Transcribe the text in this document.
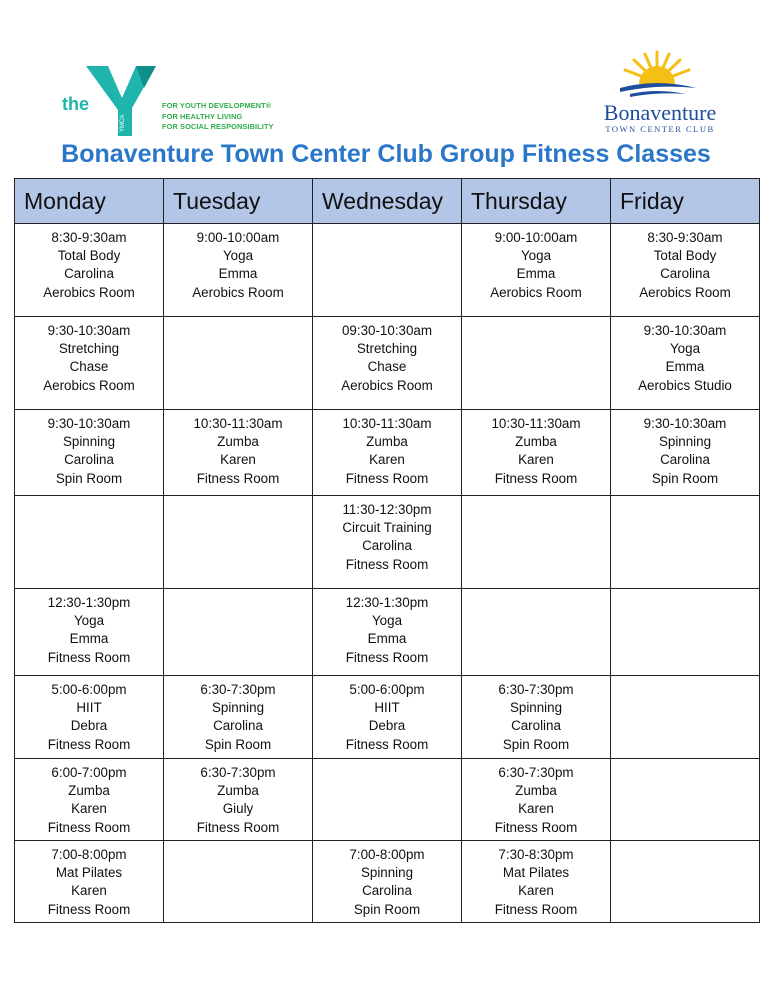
the
YMCA
FOR YOUTH DEVELOPMENT®
FOR HEALTHY LIVING
FOR SOCIAL RESPONSIBILITY
Bonaventure
TOWN CENTER CLUB
Bonaventure Town Center Club Group Fitness Classes
Monday	Tuesday	Wednesday	Thursday	Friday

8:30-9:30am
Total Body
Carolina
Aerobics Room	9:00-10:00am
Yoga
Emma
Aerobics Room		9:00-10:00am
Yoga
Emma
Aerobics Room	8:30-9:30am
Total Body
Carolina
Aerobics Room

9:30-10:30am
Stretching
Chase
Aerobics Room		09:30-10:30am
Stretching
Chase
Aerobics Room		9:30-10:30am
Yoga
Emma
Aerobics Studio

9:30-10:30am
Spinning
Carolina
Spin Room	10:30-11:30am
Zumba
Karen
Fitness Room	10:30-11:30am
Zumba
Karen
Fitness Room	10:30-11:30am
Zumba
Karen
Fitness Room	9:30-10:30am
Spinning
Carolina
Spin Room

		11:30-12:30pm
Circuit Training
Carolina
Fitness Room		

12:30-1:30pm
Yoga
Emma
Fitness Room		12:30-1:30pm
Yoga
Emma
Fitness Room		

5:00-6:00pm
HIIT
Debra
Fitness Room	6:30-7:30pm
Spinning
Carolina
Spin Room	5:00-6:00pm
HIIT
Debra
Fitness Room	6:30-7:30pm
Spinning
Carolina
Spin Room	

6:00-7:00pm
Zumba
Karen
Fitness Room	6:30-7:30pm
Zumba
Giuly
Fitness Room		6:30-7:30pm
Zumba
Karen
Fitness Room	

7:00-8:00pm
Mat Pilates
Karen
Fitness Room		7:00-8:00pm
Spinning
Carolina
Spin Room	7:30-8:30pm
Mat Pilates
Karen
Fitness Room	
